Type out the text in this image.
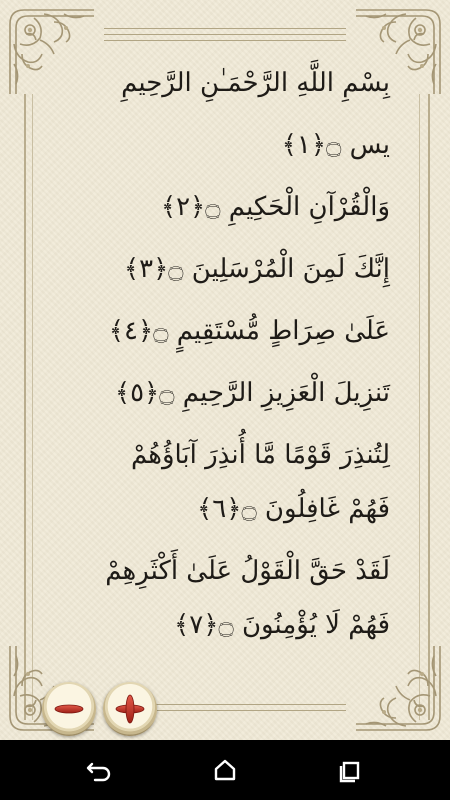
بِسْمِ اللَّهِ الرَّحْمَـٰنِ الرَّحِيمِ
يس ۝﴿١﴾
وَالْقُرْآنِ الْحَكِيمِ ۝﴿٢﴾
إِنَّكَ لَمِنَ الْمُرْسَلِينَ ۝﴿٣﴾
عَلَىٰ صِرَاطٍ مُّسْتَقِيمٍ ۝﴿٤﴾
تَنزِيلَ الْعَزِيزِ الرَّحِيمِ ۝﴿٥﴾
لِتُنذِرَ قَوْمًا مَّا أُنذِرَ آبَاؤُهُمْ
فَهُمْ غَافِلُونَ ۝﴿٦﴾
لَقَدْ حَقَّ الْقَوْلُ عَلَىٰ أَكْثَرِهِمْ
فَهُمْ لَا يُؤْمِنُونَ ۝﴿٧﴾
